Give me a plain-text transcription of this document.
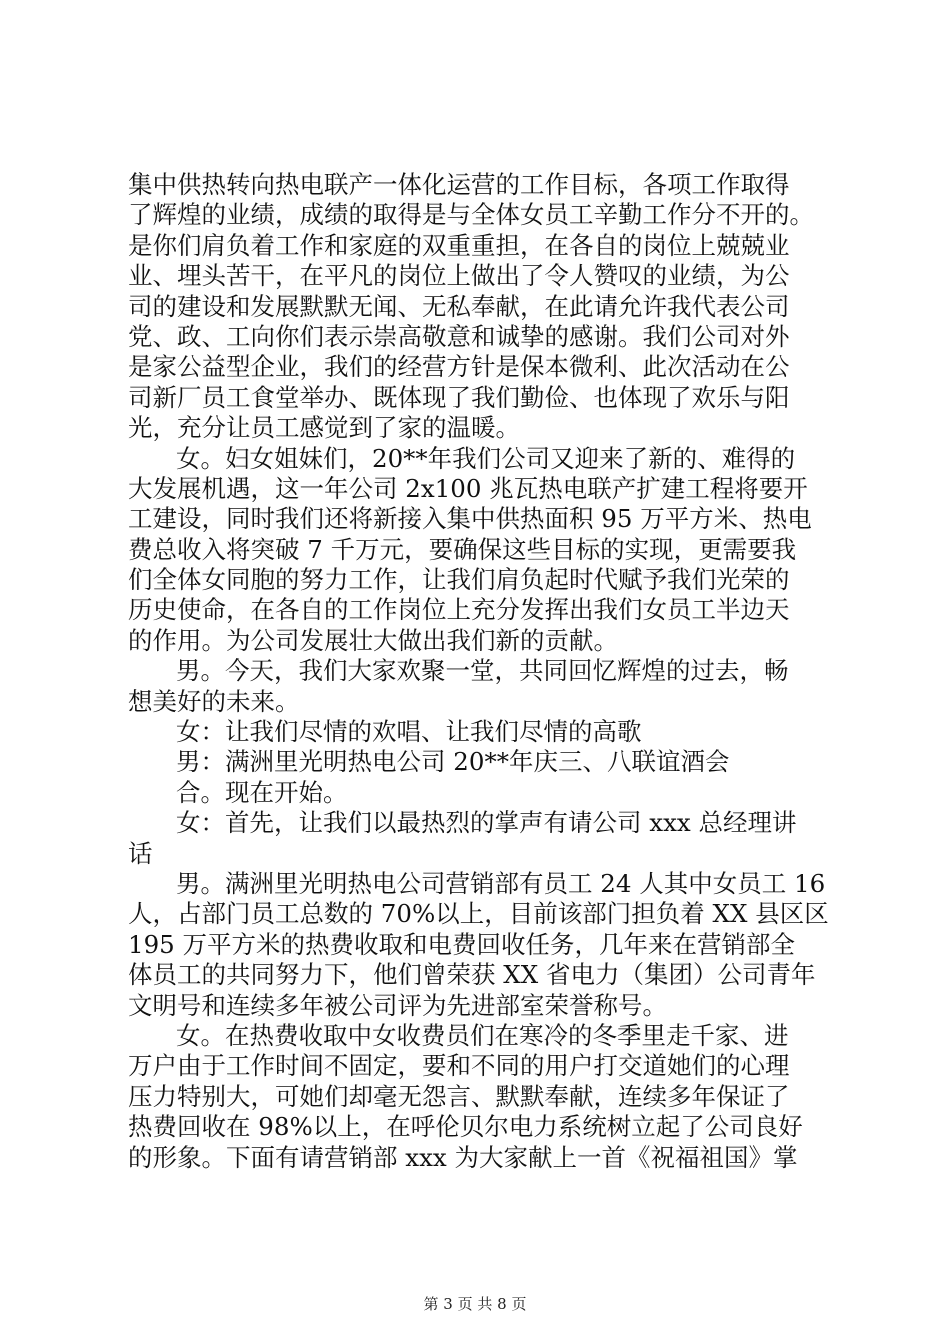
集中供热转向热电联产一体化运营的工作目标，各项工作取得
了辉煌的业绩，成绩的取得是与全体女员工辛勤工作分不开的。
是你们肩负着工作和家庭的双重重担，在各自的岗位上兢兢业
业、埋头苦干，在平凡的岗位上做出了令人赞叹的业绩，为公
司的建设和发展默默无闻、无私奉献，在此请允许我代表公司
党、政、工向你们表示崇高敬意和诚挚的感谢。我们公司对外
是家公益型企业，我们的经营方针是保本微利、此次活动在公
司新厂员工食堂举办、既体现了我们勤俭、也体现了欢乐与阳
光，充分让员工感觉到了家的温暖。
女。妇女姐妹们，20**年我们公司又迎来了新的、难得的
大发展机遇，这一年公司 2x100 兆瓦热电联产扩建工程将要开
工建设，同时我们还将新接入集中供热面积 95 万平方米、热电
费总收入将突破 7 千万元，要确保这些目标的实现，更需要我
们全体女同胞的努力工作，让我们肩负起时代赋予我们光荣的
历史使命，在各自的工作岗位上充分发挥出我们女员工半边天
的作用。为公司发展壮大做出我们新的贡献。
男。今天，我们大家欢聚一堂，共同回忆辉煌的过去，畅
想美好的未来。
女：让我们尽情的欢唱、让我们尽情的高歌
男：满洲里光明热电公司 20**年庆三、八联谊酒会
合。现在开始。
女：首先，让我们以最热烈的掌声有请公司 xxx 总经理讲
话
男。满洲里光明热电公司营销部有员工 24 人其中女员工 16
人，占部门员工总数的 70%以上，目前该部门担负着 XX 县区区
195 万平方米的热费收取和电费回收任务，几年来在营销部全
体员工的共同努力下，他们曾荣获 XX 省电力（集团）公司青年
文明号和连续多年被公司评为先进部室荣誉称号。
女。在热费收取中女收费员们在寒冷的冬季里走千家、进
万户由于工作时间不固定，要和不同的用户打交道她们的心理
压力特别大，可她们却毫无怨言、默默奉献，连续多年保证了
热费回收在 98%以上，在呼伦贝尔电力系统树立起了公司良好
的形象。下面有请营销部 xxx 为大家献上一首《祝福祖国》掌
第 3 页 共 8 页
